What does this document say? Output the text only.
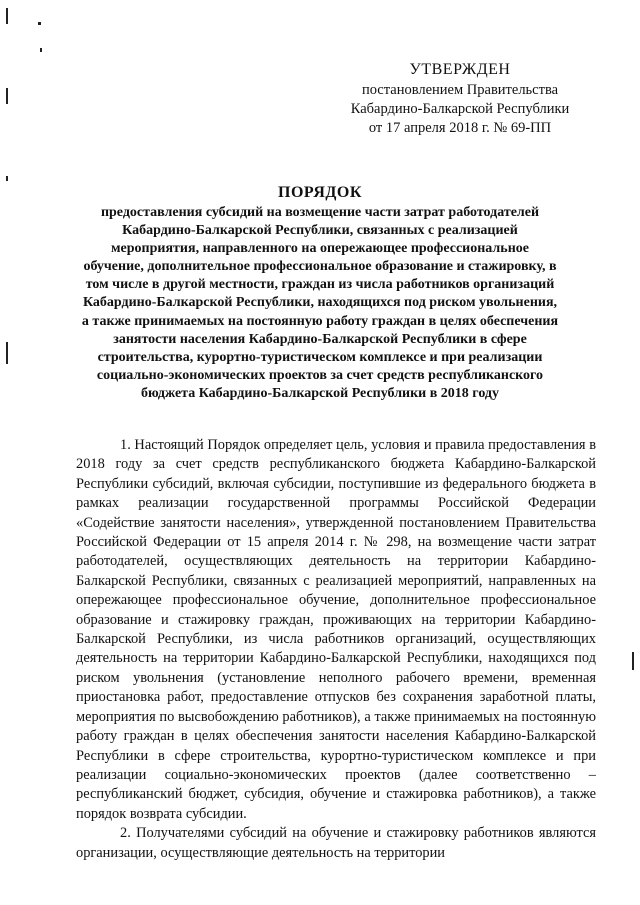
УТВЕРЖДЕН
постановлением Правительства
Кабардино-Балкарской Республики
от 17 апреля 2018 г. № 69-ПП
ПОРЯДОК
предоставления субсидий на возмещение части затрат работодателей Кабардино-Балкарской Республики, связанных с реализацией мероприятия, направленного на опережающее профессиональное обучение, дополнительное профессиональное образование и стажировку, в том числе в другой местности, граждан из числа работников организаций Кабардино-Балкарской Республики, находящихся под риском увольнения, а также принимаемых на постоянную работу граждан в целях обеспечения занятости населения Кабардино-Балкарской Республики в сфере строительства, курортно-туристическом комплексе и при реализации социально-экономических проектов за счет средств республиканского бюджета Кабардино-Балкарской Республики в 2018 году

1. Настоящий Порядок определяет цель, условия и правила предоставления в 2018 году за счет средств республиканского бюджета Кабардино-Балкарской Республики субсидий, включая субсидии, поступившие из федерального бюджета в рамках реализации государственной программы Российской Федерации «Содействие занятости населения», утвержденной постановлением Правительства Российской Федерации от 15 апреля 2014 г. № 298, на возмещение части затрат работодателей, осуществляющих деятельность на территории Кабардино-Балкарской Республики, связанных с реализацией мероприятий, направленных на опережающее профессиональное обучение, дополнительное профессиональное образование и стажировку граждан, проживающих на территории Кабардино-Балкарской Республики, из числа работников организаций, осуществляющих деятельность на территории Кабардино-Балкарской Республики, находящихся под риском увольнения (установление неполного рабочего времени, временная приостановка работ, предоставление отпусков без сохранения заработной платы, мероприятия по высвобождению работников), а также принимаемых на постоянную работу граждан в целях обеспечения занятости населения Кабардино-Балкарской Республики в сфере строительства, курортно-туристическом комплексе и при реализации социально-экономических проектов (далее соответственно – республиканский бюджет, субсидия, обучение и стажировка работников), а также порядок возврата субсидии.

2. Получателями субсидий на обучение и стажировку работников являются организации, осуществляющие деятельность на территории
